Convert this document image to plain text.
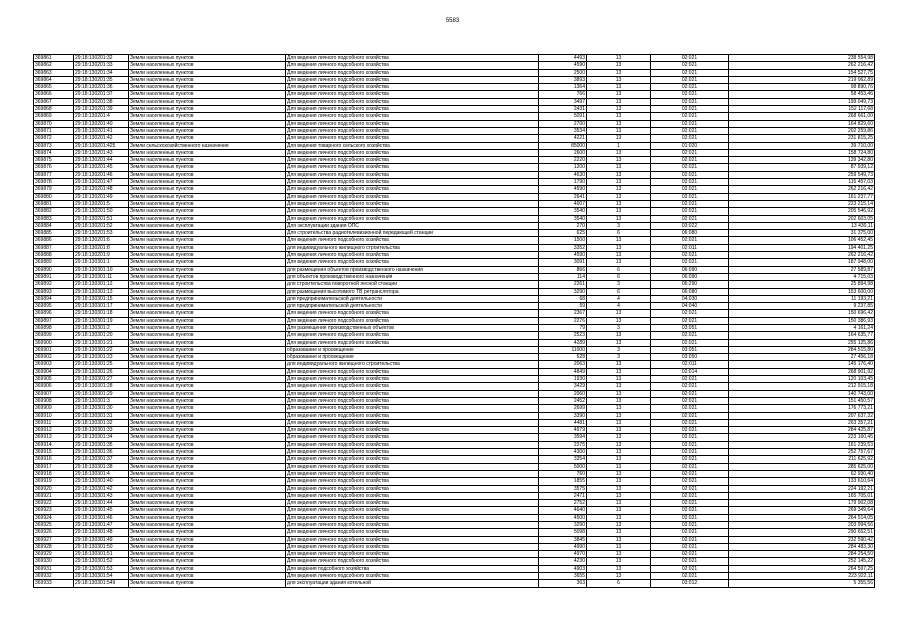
5583
369861	29:18:130201:32	Земли населенных пунктов	Для ведения личного подсобного хозяйства	4493	13	02:021	238 554,98
369862	29:18:130201:33	Земли населенных пунктов	Для ведения личного подсобного хозяйства	4590	13	02:021	262 216,42
369863	29:18:130201:34	Земли населенных пунктов	Для ведения личного подсобного хозяйства	2500	13	02:021	154 527,75
369864	29:18:130201:35	Земли населенных пунктов	Для ведения личного подсобного хозяйства	3893	13	02:021	219 062,89
369865	29:18:130201:36	Земли населенных пунктов	Для ведения личного подсобного хозяйства	1364	13	02:021	98 890,76
369866	29:18:130201:37	Земли населенных пунктов	Для ведения личного подсобного хозяйства	766	13	02:021	58 453,46
369867	29:18:130201:38	Земли населенных пунктов	Для ведения личного подсобного хозяйства	3497	13	02:021	199 049,73
369868	29:18:130201:39	Земли населенных пунктов	Для ведения личного подсобного хозяйства	2431	13	02:021	152 117,68
369869	29:18:130201:4	Земли населенных пунктов	Для ведения личного подсобного хозяйства	5091	13	02:021	268 661,00
369870	29:18:130201:40	Земли населенных пунктов	Для ведения личного подсобного хозяйства	2700	13	02:021	164 829,60
369871	29:18:130201:41	Земли населенных пунктов	Для ведения личного подсобного хозяйства	3534	13	02:021	202 259,86
369872	29:18:130201:42	Земли населенных пунктов	Для ведения личного подсобного хозяйства	4221	13	02:021	231 815,25
369873	29:18:130201:425	Земли сельскохозяйственного назначения	Для ведения товарного сельского хозяйства	85000	1	01:020	39 710,00
369874	29:18:130201:43	Земли населенных пунктов	Для ведения личного подсобного хозяйства	2600	13	02:021	158 724,80
369875	29:18:130201:44	Земли населенных пунктов	Для ведения личного подсобного хозяйства	2220	13	02:021	139 342,80
369876	29:18:130201:45	Земли населенных пунктов	Для ведения личного подсобного хозяйства	1200	13	02:021	87 939,12
369877	29:18:130201:46	Земли населенных пунктов	Для ведения личного подсобного хозяйства	4630	13	02:021	259 549,73
369878	29:18:130201:47	Земли населенных пунктов	Для ведения личного подсобного хозяйства	1790	13	02:021	115 457,03
369879	29:18:130201:48	Земли населенных пунктов	Для ведения личного подсобного хозяйства	4590	13	02:021	262 216,42
369880	29:18:130201:49	Земли населенных пунктов	Для ведения личного подсобного хозяйства	2641	13	02:021	161 237,77
369881	29:18:130201:5	Земли населенных пунктов	Для ведения личного подсобного хозяйства	4007	13	02:021	223 215,14
369882	29:18:130201:50	Земли населенных пунктов	Для ведения личного подсобного хозяйства	3540	13	02:021	205 546,92
369883	29:18:130201:51	Земли населенных пунктов	Для ведения личного подсобного хозяйства	3540	13	02:021	202 603,05
369884	29:18:130201:52	Земли населенных пунктов	Для эксплуатации здания ОПС	270	3	03:022	13 430,11
369885	29:18:130201:53	Земли населенных пунктов	Для строительства радиотелевизионной передающей станции	625	6	06:080	31 375,00
369886	29:18:130201:6	Земли населенных пунктов	Для ведения личного подсобного хозяйства	1500	13	02:021	106 452,45
369887	29:18:130201:8	Земли населенных пунктов	для индивидуального жилищного строительства	3352	13	02:011	194 401,25
369888	29:18:130201:9	Земли населенных пунктов	Для ведения личного подсобного хозяйства	4590	13	02:021	262 216,42
369889	29:18:130301:1	Земли населенных пунктов	Для ведения личного подсобного хозяйства	3091	13	02:021	187 948,00
369890	29:18:130301:10	Земли населенных пунктов	для размещения объектов производственного назначения	866	6	06:090	27 589,87
369891	29:18:130301:11	Земли населенных пунктов	для объектов производственного назначения	114	6	06:090	4 715,03
369892	29:18:130301:12	Земли населенных пунктов	для строительства поворотной лесной станции	2261	3	06:290	25 894,98
369893	29:18:130301:13	Земли населенных пунктов	для размещения высотимого ТВ ретранслятора	3290	6	06:080	153 600,00
369894	29:18:130301:15	Земли населенных пунктов	для предпринимательской деятельности	68	4	04:030	11 193,21
369895	29:18:130301:17	Земли населенных пунктов	для предпринимательской деятельности	59	4	04:040	9 237,85
369896	29:18:130301:18	Земли населенных пунктов	Для ведения личного подсобного хозяйства	2367	13	02:021	150 696,42
369897	29:18:130301:19	Земли населенных пунктов	Для ведения личного подсобного хозяйства	2276	13	02:021	150 386,93
369898	29:18:130301:2	Земли населенных пунктов	Для размещения производственных объектов	79	3	03:051	4 161,24
369899	29:18:130301:20	Земли населенных пунктов	Для ведения личного подсобного хозяйства	2523	13	02:021	164 635,77
369900	29:18:130301:21	Земли населенных пунктов	Для ведения личного подсобного хозяйства	4289	13	02:021	255 125,86
369901	29:18:130301:22	Земли населенных пунктов	образование и просвещение	11000	3	03:051	284 515,80
369902	29:18:130301:23	Земли населенных пунктов	образование и просвещение	628	3	03:050	27 456,18
369903	29:18:130301:25	Земли населенных пунктов	для индивидуального жилищного строительства	2063	13	02:011	145 176,40
369904	29:18:130301:26	Земли населенных пунктов	Для ведения личного подсобного хозяйства	4849	13	02:014	268 901,92
369905	29:18:130301:27	Земли населенных пунктов	Для ведения личного подсобного хозяйства	1930	13	02:021	120 103,45
369906	29:18:130301:28	Земли населенных пунктов	Для ведения личного подсобного хозяйства	3429	13	02:021	212 915,18
369907	29:18:130301:29	Земли населенных пунктов	Для ведения личного подсобного хозяйства	2060	13	02:021	140 743,00
369908	29:18:130301:3	Земли населенных пунктов	Для ведения личного подсобного хозяйства	2452	13	02:021	151 450,57
369909	29:18:130301:30	Земли населенных пунктов	Для ведения личного подсобного хозяйства	2699	13	02:021	176 773,21
369910	29:18:130301:31	Земли населенных пунктов	Для ведения личного подсобного хозяйства	3390	13	02:021	207 637,32
369911	29:18:130301:32	Земли населенных пунктов	Для ведения личного подсобного хозяйства	4481	13	02:021	263 357,21
369912	29:18:130301:33	Земли населенных пунктов	Для ведения личного подсобного хозяйства	4979	13	02:021	284 425,87
369913	29:18:130301:34	Земли населенных пунктов	Для ведения личного подсобного хозяйства	3594	13	02:021	223 160,45
369914	29:18:130301:35	Земли населенных пунктов	Для ведения личного подсобного хозяйства	2375	13	02:021	161 239,53
369915	29:18:130301:36	Земли населенных пунктов	Для ведения личного подсобного хозяйства	4300	13	02:021	252 757,67
369916	29:18:130301:37	Земли населенных пунктов	Для ведения личного подсобного хозяйства	3354	13	02:021	211 625,92
369917	29:18:130301:38	Земли населенных пунктов	Для ведения личного подсобного хозяйства	5000	13	02:021	285 625,00
369918	29:18:130301:4	Земли населенных пунктов	Для ведения личного подсобного хозяйства	760	13	02:021	62 930,40
369919	29:18:130301:40	Земли населенных пунктов	Для ведения личного подсобного хозяйства	1855	13	02:021	133 610,64
369920	29:18:130301:42	Земли населенных пунктов	Для ведения личного подсобного хозяйства	3575	13	02:021	224 192,21
369921	29:18:130301:43	Земли населенных пунктов	Для ведения личного подсобного хозяйства	2471	13	02:021	165 705,01
369922	29:18:130301:44	Земли населенных пунктов	Для ведения личного подсобного хозяйства	2752	13	02:021	179 902,08
369923	29:18:130301:45	Земли населенных пунктов	Для ведения личного подсобного хозяйства	4640	13	02:021	269 349,64
369924	29:18:130301:46	Земли населенных пунктов	Для ведения личного подсобного хозяйства	4500	13	02:021	264 514,05
369925	29:18:130301:47	Земли населенных пунктов	Для ведения личного подсобного хозяйства	3290	13	02:021	203 994,56
369926	29:18:130301:48	Земли населенных пунктов	Для ведения личного подсобного хозяйства	5098	13	02:021	290 652,51
369927	29:18:130301:49	Земли населенных пунктов	Для ведения личного подсобного хозяйства	3845	13	02:021	232 590,42
369928	29:18:130301:50	Земли населенных пунктов	Для ведения личного подсобного хозяйства	4990	13	02:021	284 483,30
369929	29:18:130301:51	Земли населенных пунктов	Для ведения личного подсобного хозяйства	4970	13	02:021	284 254,50
369930	29:18:130301:52	Земли населенных пунктов	Для ведения личного подсобного хозяйства	4230	13	02:021	252 145,22
369931	29:18:130301:53	Земли населенных пунктов	Для ведения подсобного хозяйства	4903	13	02:021	264 597,25
369932	29:18:130301:54	Земли населенных пунктов	Для ведения личного подсобного хозяйства	3655	13	02:021	223 922,11
369933	29:18:130301:549	Земли населенных пунктов	для эксплуатации здания котельной	363	6	03:012	5 355,56
